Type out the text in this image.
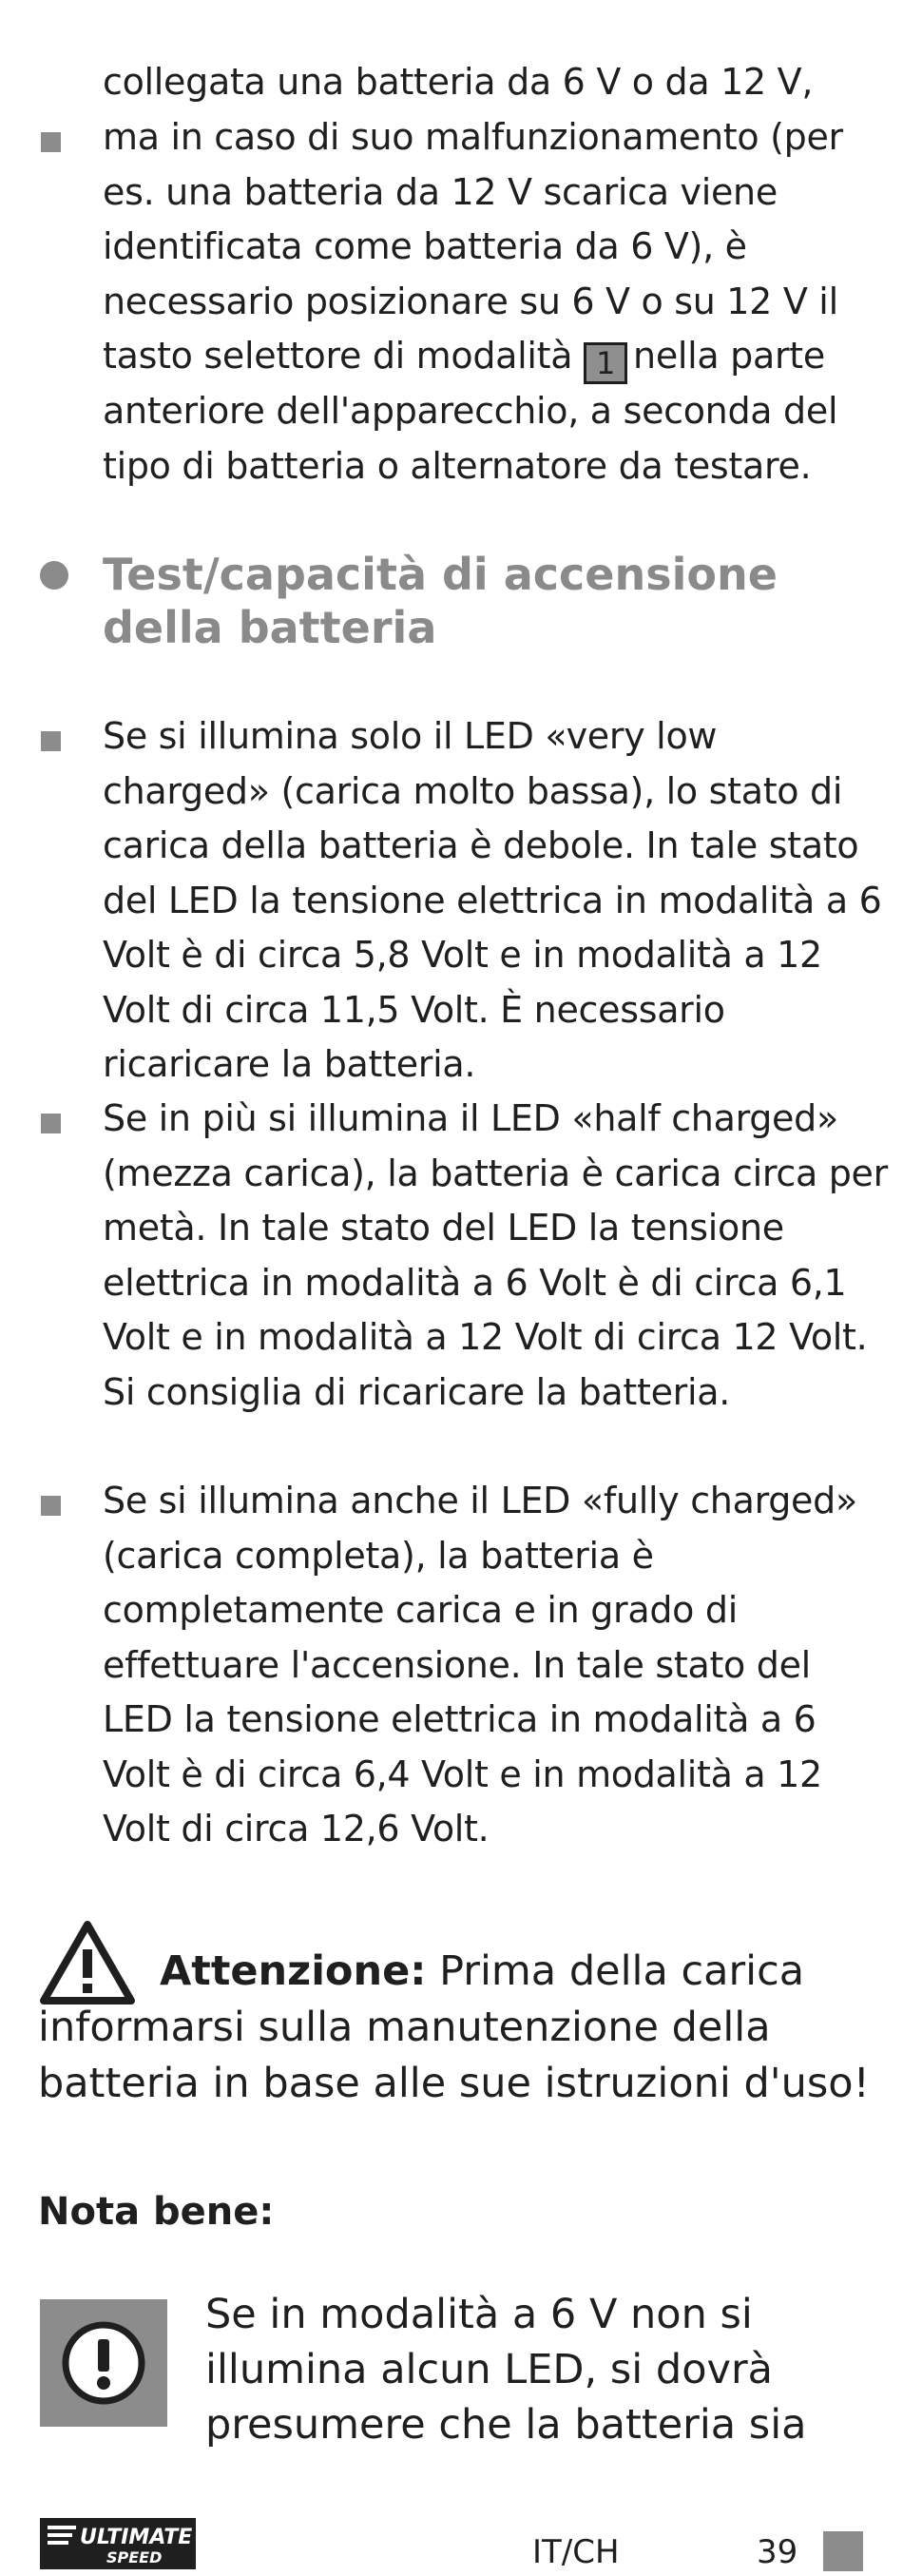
collegata una batteria da 6 V o da 12 V,
ma in caso di suo malfunzionamento (per es. una batteria da 12 V scarica viene identificata come batteria da 6 V), è necessario posizionare su 6 V o su 12 V il tasto selettore di modalità 1 nella parte anteriore dell'apparecchio, a seconda del tipo di batteria o alternatore da testare.
Test/capacità di accensione della batteria
Se si illumina solo il LED «very low charged» (carica molto bassa), lo stato di carica della batteria è debole. In tale stato del LED la tensione elettrica in modalità a 6 Volt è di circa 5,8 Volt e in modalità a 12 Volt di circa 11,5 Volt. È necessario ricaricare la batteria.
Se in più si illumina il LED «half charged» (mezza carica), la batteria è carica circa per metà. In tale stato del LED la tensione elettrica in modalità a 6 Volt è di circa 6,1 Volt e in modalità a 12 Volt di circa 12 Volt. Si consiglia di ricaricare la batteria.
Se si illumina anche il LED «fully charged» (carica completa), la batteria è completamente carica e in grado di effettuare l'accensione. In tale stato del LED la tensione elettrica in modalità a 6 Volt è di circa 6,4 Volt e in modalità a 12 Volt di circa 12,6 Volt.
Attenzione: Prima della carica informarsi sulla manutenzione della batteria in base alle sue istruzioni d'uso!
Nota bene:
Se in modalità a 6 V non si illumina alcun LED, si dovrà presumere che la batteria sia
ULTIMATE
SPEED	IT/CH	39
